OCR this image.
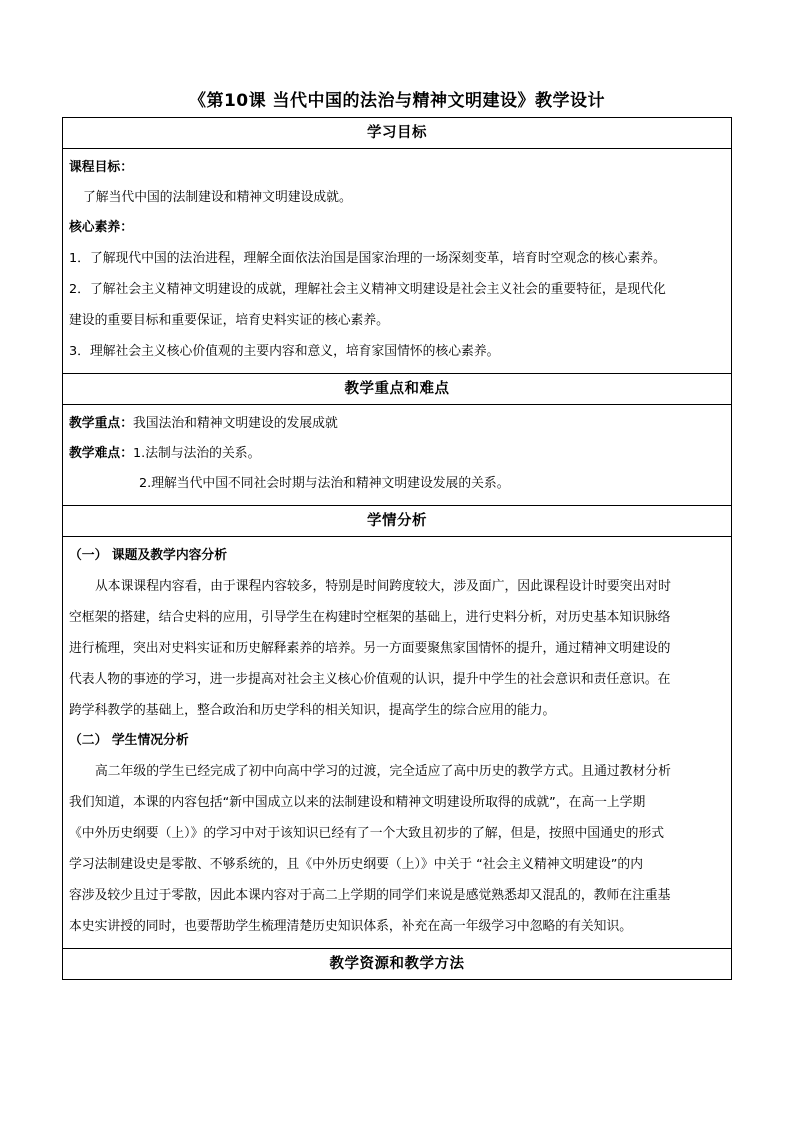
《第10课 当代中国的法治与精神文明建设》教学设计
学习目标

课程目标：
了解当代中国的法制建设和精神文明建设成就。
核心素养：
1．了解现代中国的法治进程，理解全面依法治国是国家治理的一场深刻变革，培育时空观念的核心素养。
2．了解社会主义精神文明建设的成就，理解社会主义精神文明建设是社会主义社会的重要特征，是现代化
建设的重要目标和重要保证，培育史料实证的核心素养。
3．理解社会主义核心价值观的主要内容和意义，培育家国情怀的核心素养。

教学重点和难点

教学重点：我国法治和精神文明建设的发展成就
教学难点：1.法制与法治的关系。
2.理解当代中国不同社会时期与法治和精神文明建设发展的关系。

学情分析

（一） 课题及教学内容分析
从本课课程内容看，由于课程内容较多，特别是时间跨度较大，涉及面广，因此课程设计时要突出对时
空框架的搭建，结合史料的应用，引导学生在构建时空框架的基础上，进行史料分析，对历史基本知识脉络
进行梳理，突出对史料实证和历史解释素养的培养。另一方面要聚焦家国情怀的提升，通过精神文明建设的
代表人物的事迹的学习，进一步提高对社会主义核心价值观的认识，提升中学生的社会意识和责任意识。在
跨学科教学的基础上，整合政治和历史学科的相关知识，提高学生的综合应用的能力。
（二） 学生情况分析
高二年级的学生已经完成了初中向高中学习的过渡，完全适应了高中历史的教学方式。且通过教材分析
我们知道，本课的内容包括“新中国成立以来的法制建设和精神文明建设所取得的成就”，在高一上学期
《中外历史纲要（上）》的学习中对于该知识已经有了一个大致且初步的了解，但是，按照中国通史的形式
学习法制建设史是零散、不够系统的，且《中外历史纲要（上）》中关于 “社会主义精神文明建设”的内
容涉及较少且过于零散，因此本课内容对于高二上学期的同学们来说是感觉熟悉却又混乱的，教师在注重基
本史实讲授的同时，也要帮助学生梳理清楚历史知识体系，补充在高一年级学习中忽略的有关知识。

教学资源和教学方法
